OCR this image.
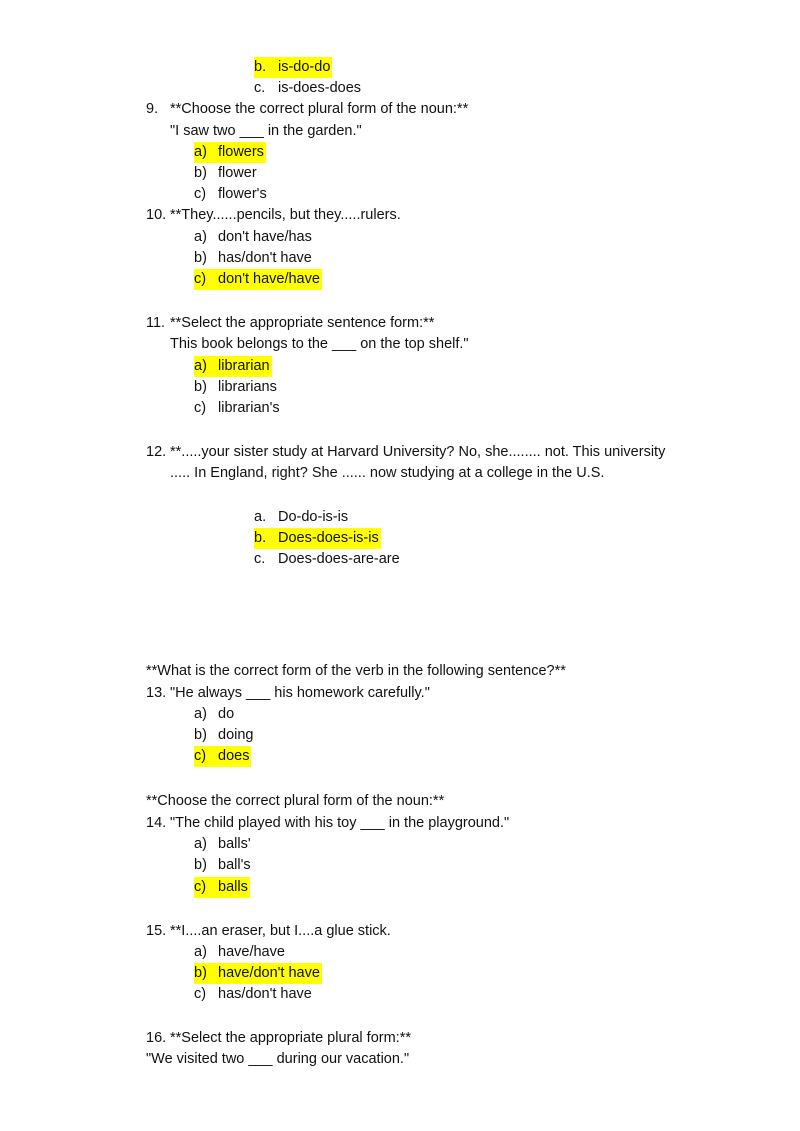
b. is-do-do
c. is-does-does
9. **Choose the correct plural form of the noun:**
"I saw two ___ in the garden."
a) flowers
b) flower
c) flower's
10. **They......pencils, but they.....rulers.
a) don't have/has
b) has/don't have
c) don't have/have
11. **Select the appropriate sentence form:**
This book belongs to the ___ on the top shelf."
a) librarian
b) librarians
c) librarian's
12. **.....your sister study at Harvard University? No, she........ not. This university
..... In England, right? She ...... now studying at a college in the U.S.
a. Do-do-is-is
b. Does-does-is-is
c. Does-does-are-are
**What is the correct form of the verb in the following sentence?**
13. "He always ___ his homework carefully."
a) do
b) doing
c) does
**Choose the correct plural form of the noun:**
14. "The child played with his toy ___ in the playground."
a) balls'
b) ball's
c) balls
15. **I....an eraser, but I....a glue stick.
a) have/have
b) have/don't have
c) has/don't have
16. **Select the appropriate plural form:**
"We visited two ___ during our vacation."
